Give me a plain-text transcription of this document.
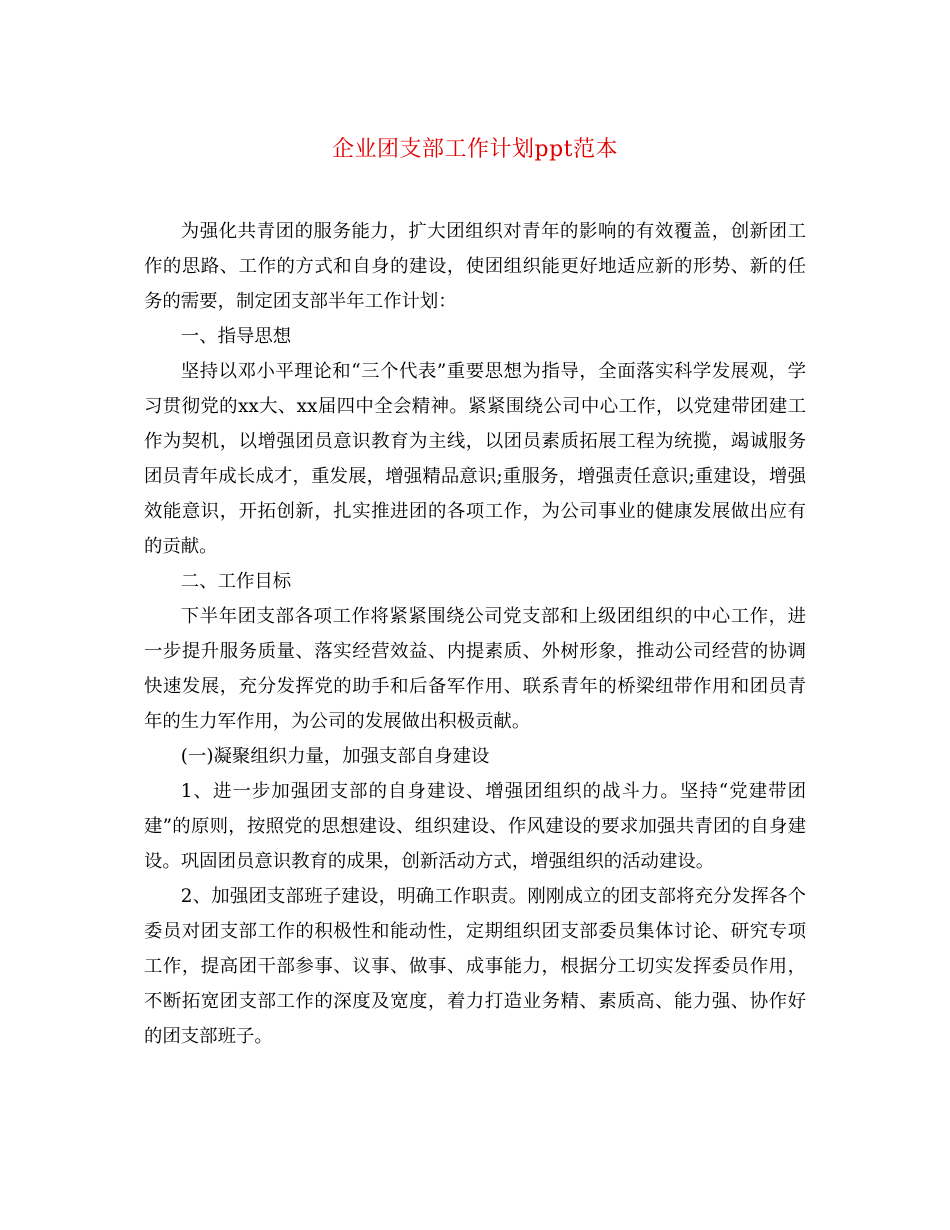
企业团支部工作计划ppt范本

为强化共青团的服务能力，扩大团组织对青年的影响的有效覆盖，创新团工作的思路、工作的方式和自身的建设，使团组织能更好地适应新的形势、新的任务的需要，制定团支部半年工作计划：

一、指导思想

坚持以邓小平理论和“三个代表”重要思想为指导，全面落实科学发展观，学习贯彻党的xx大、xx届四中全会精神。紧紧围绕公司中心工作，以党建带团建工作为契机，以增强团员意识教育为主线，以团员素质拓展工程为统揽，竭诚服务团员青年成长成才，重发展，增强精品意识;重服务，增强责任意识;重建设，增强效能意识，开拓创新，扎实推进团的各项工作，为公司事业的健康发展做出应有的贡献。

二、工作目标

下半年团支部各项工作将紧紧围绕公司党支部和上级团组织的中心工作，进一步提升服务质量、落实经营效益、内提素质、外树形象，推动公司经营的协调快速发展，充分发挥党的助手和后备军作用、联系青年的桥梁纽带作用和团员青年的生力军作用，为公司的发展做出积极贡献。

(一)凝聚组织力量，加强支部自身建设

1、进一步加强团支部的自身建设、增强团组织的战斗力。坚持“党建带团建”的原则，按照党的思想建设、组织建设、作风建设的要求加强共青团的自身建设。巩固团员意识教育的成果，创新活动方式，增强组织的活动建设。

2、加强团支部班子建设，明确工作职责。刚刚成立的团支部将充分发挥各个委员对团支部工作的积极性和能动性，定期组织团支部委员集体讨论、研究专项工作，提高团干部参事、议事、做事、成事能力，根据分工切实发挥委员作用，不断拓宽团支部工作的深度及宽度，着力打造业务精、素质高、能力强、协作好的团支部班子。
